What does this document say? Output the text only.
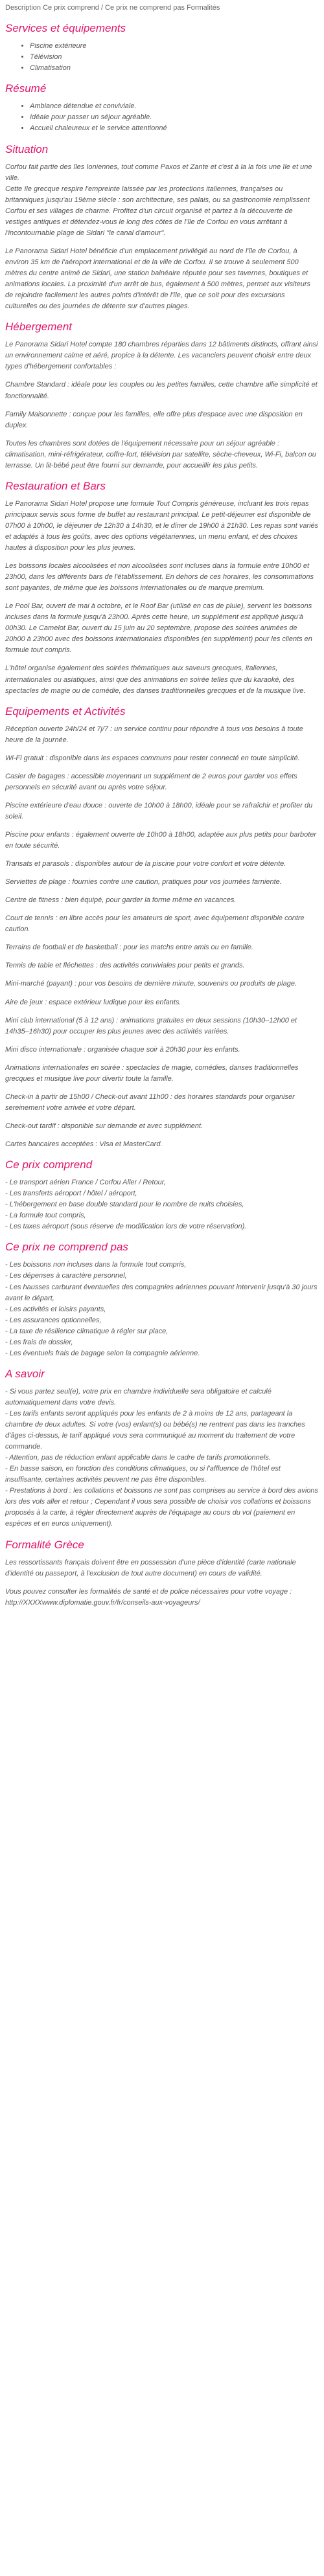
Description Ce prix comprend / Ce prix ne comprend pas Formalités
Services et équipements
• Piscine extérieure
• Télévision
• Climatisation
Résumé
• Ambiance détendue et conviviale.
• Idéale pour passer un séjour agréable.
• Accueil chaleureux et le service attentionné
Situation

Corfou fait partie des îles Ioniennes, tout comme Paxos et Zante et c'est à la la fois une île et une ville.
Cette île grecque respire l'empreinte laissée par les protections italiennes, françaises ou britanniques jusqu'au 19ème siècle : son architecture, ses palais, ou sa gastronomie remplissent Corfou et ses villages de charme. Profitez d'un circuit organisé et partez à la découverte de vestiges antiques et détendez-vous le long des côtes de l'île de Corfou en vous arrêtant à l'incontournable plage de Sidari "le canal d'amour".

Le Panorama Sidari Hotel bénéficie d'un emplacement privilégié au nord de l'île de Corfou, à environ 35 km de l'aéroport international et de la ville de Corfou. Il se trouve à seulement 500 mètres du centre animé de Sidari, une station balnéaire réputée pour ses tavernes, boutiques et animations locales. La proximité d'un arrêt de bus, également à 500 mètres, permet aux visiteurs de rejoindre facilement les autres points d'intérêt de l'île, que ce soit pour des excursions culturelles ou des journées de détente sur d'autres plages.

Hébergement

Le Panorama Sidari Hotel compte 180 chambres réparties dans 12 bâtiments distincts, offrant ainsi un environnement calme et aéré, propice à la détente. Les vacanciers peuvent choisir entre deux types d'hébergement confortables :

Chambre Standard : idéale pour les couples ou les petites familles, cette chambre allie simplicité et fonctionnalité.

Family Maisonnette : conçue pour les familles, elle offre plus d'espace avec une disposition en duplex.

Toutes les chambres sont dotées de l'équipement nécessaire pour un séjour agréable : climatisation, mini-réfrigérateur, coffre-fort, télévision par satellite, sèche-cheveux, Wi-Fi, balcon ou terrasse. Un lit-bébé peut être fourni sur demande, pour accueillir les plus petits.

Restauration et Bars

Le Panorama Sidari Hotel propose une formule Tout Compris généreuse, incluant les trois repas principaux servis sous forme de buffet au restaurant principal. Le petit-déjeuner est disponible de 07h00 à 10h00, le déjeuner de 12h30 à 14h30, et le dîner de 19h00 à 21h30. Les repas sont variés et adaptés à tous les goûts, avec des options végétariennes, un menu enfant, et des choixes hautes à disposition pour les plus jeunes.

Les boissons locales alcoolisées et non alcoolisées sont incluses dans la formule entre 10h00 et 23h00, dans les différents bars de l'établissement. En dehors de ces horaires, les consommations sont payantes, de même que les boissons internationales ou de marque premium.

Le Pool Bar, ouvert de mai à octobre, et le Roof Bar (utilisé en cas de pluie), servent les boissons incluses dans la formule jusqu'à 23h00. Après cette heure, un supplément est appliqué jusqu'à 00h30. Le Camelot Bar, ouvert du 15 juin au 20 septembre, propose des soirées animées de 20h00 à 23h00 avec des boissons internationales disponibles (en supplément) pour les clients en formule tout compris.

L'hôtel organise également des soirées thématiques aux saveurs grecques, italiennes, internationales ou asiatiques, ainsi que des animations en soirée telles que du karaoké, des spectacles de magie ou de comédie, des danses traditionnelles grecques et de la musique live.

Equipements et Activités

Réception ouverte 24h/24 et 7j/7 : un service continu pour répondre à tous vos besoins à toute heure de la journée.

Wi-Fi gratuit : disponible dans les espaces communs pour rester connecté en toute simplicité.

Casier de bagages : accessible moyennant un supplément de 2 euros pour garder vos effets personnels en sécurité avant ou après votre séjour.

Piscine extérieure d'eau douce : ouverte de 10h00 à 18h00, idéale pour se rafraîchir et profiter du soleil.

Piscine pour enfants : également ouverte de 10h00 à 18h00, adaptée aux plus petits pour barboter en toute sécurité.

Transats et parasols : disponibles autour de la piscine pour votre confort et votre détente.

Serviettes de plage : fournies contre une caution, pratiques pour vos journées farniente.

Centre de fitness : bien équipé, pour garder la forme même en vacances.

Court de tennis : en libre accès pour les amateurs de sport, avec équipement disponible contre caution.

Terrains de football et de basketball : pour les matchs entre amis ou en famille.

Tennis de table et fléchettes : des activités conviviales pour petits et grands.

Mini-marché (payant) : pour vos besoins de dernière minute, souvenirs ou produits de plage.

Aire de jeux : espace extérieur ludique pour les enfants.

Mini club international (5 à 12 ans) : animations gratuites en deux sessions (10h30–12h00 et 14h35–16h30) pour occuper les plus jeunes avec des activités variées.

Mini disco internationale : organisée chaque soir à 20h30 pour les enfants.

Animations internationales en soirée : spectacles de magie, comédies, danses traditionnelles grecques et musique live pour divertir toute la famille.

Check-in à partir de 15h00 / Check-out avant 11h00 : des horaires standards pour organiser sereinement votre arrivée et votre départ.

Check-out tardif : disponible sur demande et avec supplément.

Cartes bancaires acceptées : Visa et MasterCard.

Ce prix comprend
- Le transport aérien France / Corfou Aller / Retour,
- Les transferts aéroport / hôtel / aéroport,
- L'hébergement en base double standard pour le nombre de nuits choisies,
- La formule tout compris,
- Les taxes aéroport (sous réserve de modification lors de votre réservation).
Ce prix ne comprend pas
- Les boissons non incluses dans la formule tout compris,
- Les dépenses à caractère personnel,
- Les hausses carburant éventuelles des compagnies aériennes pouvant intervenir jusqu'à 30 jours avant le départ,
- Les activités et loisirs payants,
- Les assurances optionnelles,
- La taxe de résilience climatique à régler sur place,
- Les frais de dossier,
- Les éventuels frais de bagage selon la compagnie aérienne.
A savoir
- Si vous partez seul(e), votre prix en chambre individuelle sera obligatoire et calculé automatiquement dans votre devis.
- Les tarifs enfants seront appliqués pour les enfants de 2 à moins de 12 ans, partageant la chambre de deux adultes. Si votre (vos) enfant(s) ou bébé(s) ne rentrent pas dans les tranches d'âges ci-dessus, le tarif appliqué vous sera communiqué au moment du traitement de votre commande.
- Attention, pas de réduction enfant applicable dans le cadre de tarifs promotionnels.
- En basse saison, en fonction des conditions climatiques, ou si l'affluence de l'hôtel est insuffisante, certaines activités peuvent ne pas être disponibles.
- Prestations à bord : les collations et boissons ne sont pas comprises au service à bord des avions lors des vols aller et retour ; Cependant il vous sera possible de choisir vos collations et boissons proposés à la carte, à régler directement auprès de l'équipage au cours du vol (paiement en espèces et en euros uniquement).
Formalité Grèce

Les ressortissants français doivent être en possession d'une pièce d'identité (carte nationale d'identité ou passeport, à l'exclusion de tout autre document) en cours de validité.

Vous pouvez consulter les formalités de santé et de police nécessaires pour votre voyage : http://XXXXwww.diplomatie.gouv.fr/fr/conseils-aux-voyageurs/
